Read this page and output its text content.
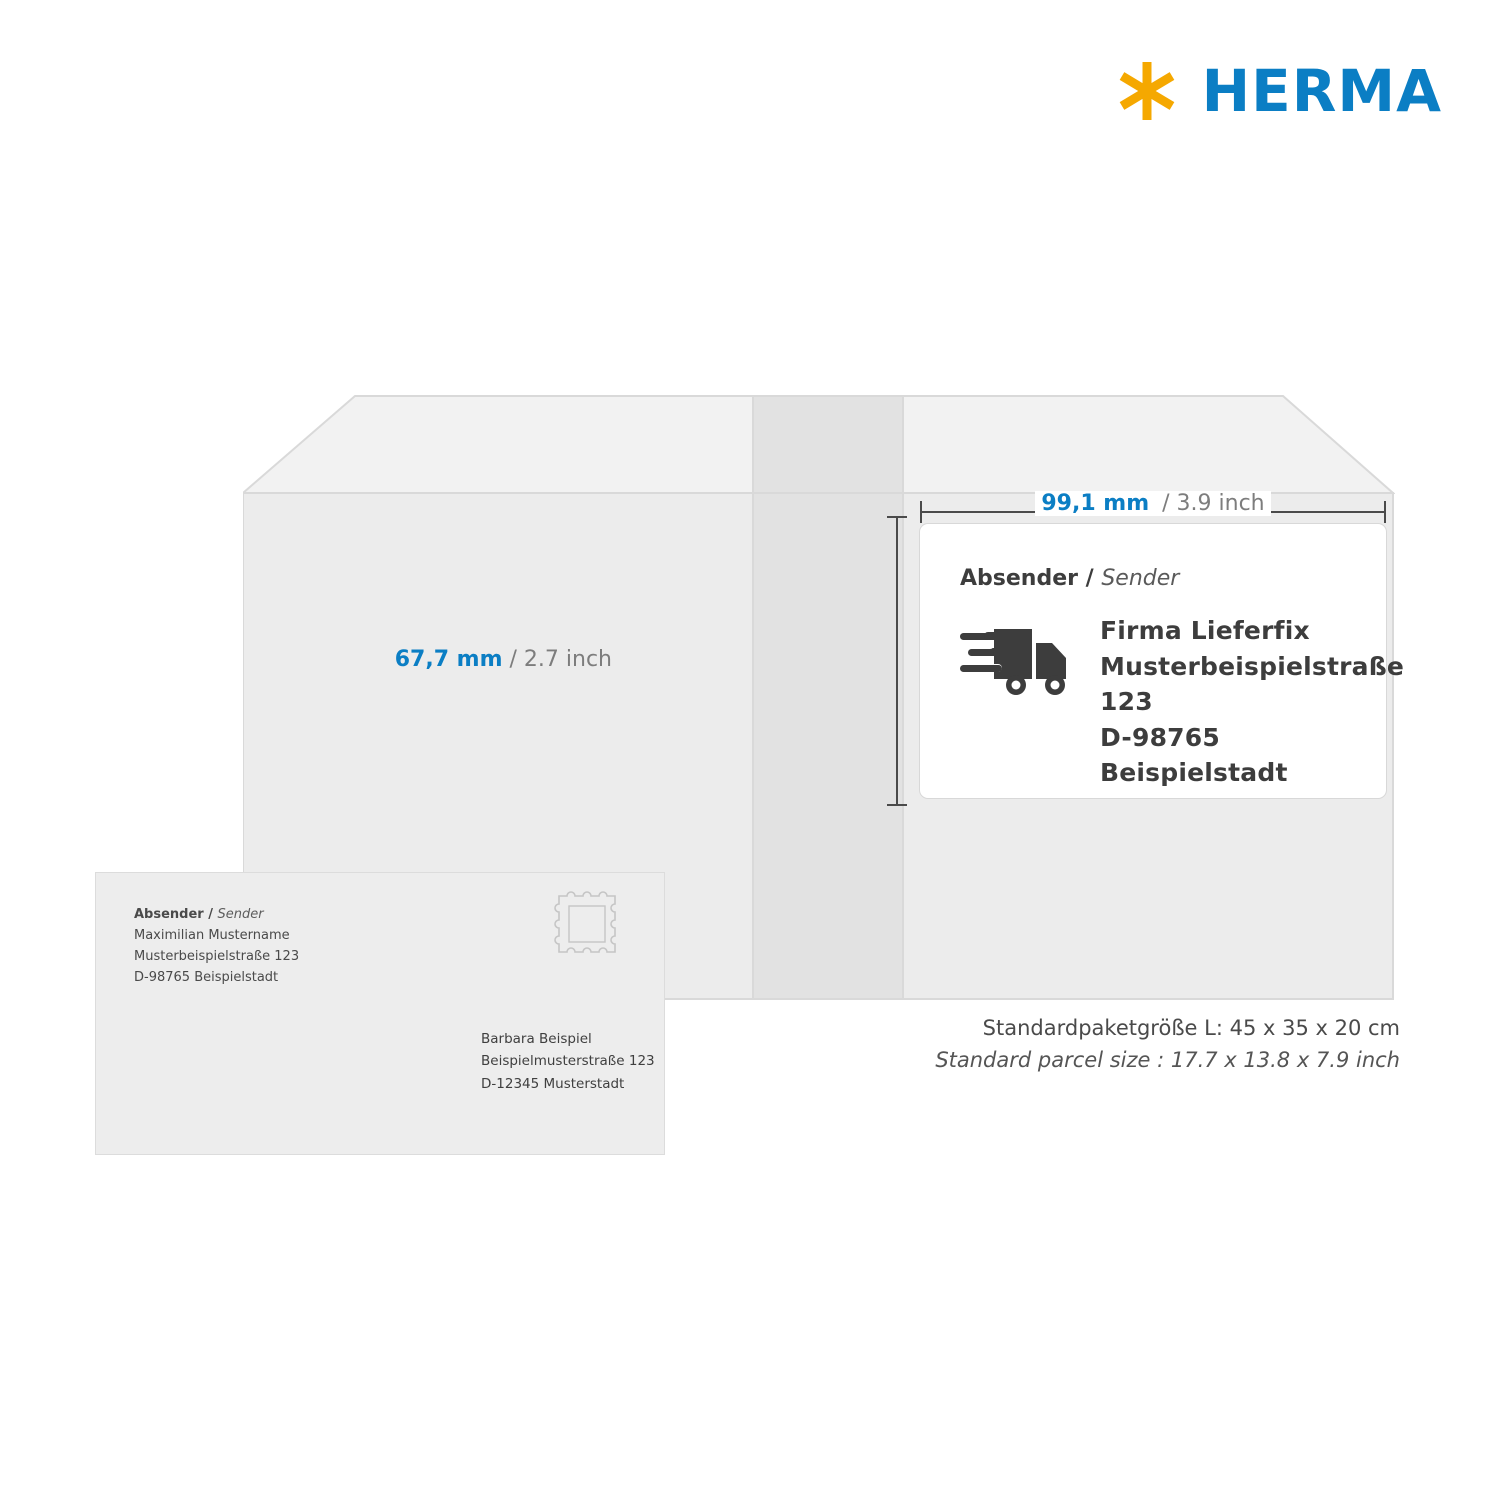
HERMA
99,1 mm / 3.9 inch
67,7 mm / 2.7 inch
Absender / Sender
Firma Lieferfix
Musterbeispielstraße 123
D-98765 Beispielstadt
Absender / Sender
Maximilian Mustername
Musterbeispielstraße 123
D-98765 Beispielstadt
Barbara Beispiel
Beispielmusterstraße 123
D-12345 Musterstadt
Standardpaketgröße L: 45 x 35 x 20 cm
Standard parcel size : 17.7 x 13.8 x 7.9 inch
